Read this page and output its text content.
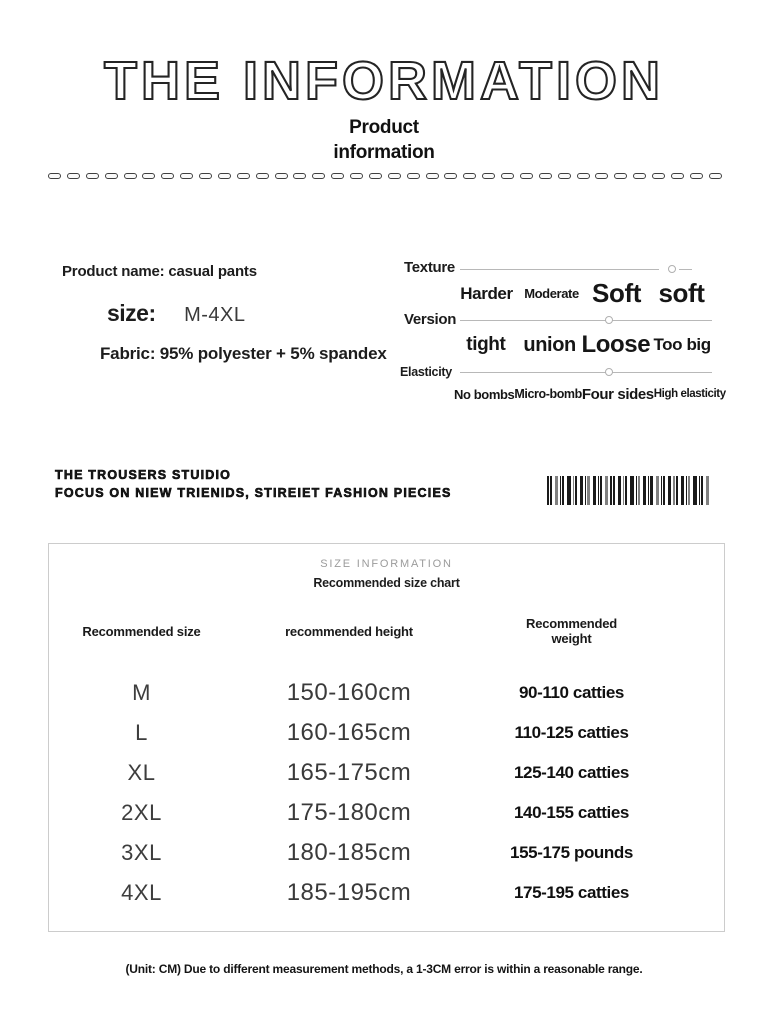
THE INFORMATION
Product
information
Product name: casual pants
size: M-4XL
Fabric: 95% polyester + 5% spandex
Texture
Harder Moderate Soft soft
Version
tight union Loose Too big
Elasticity
No bombs Micro-bomb Four sides High elasticity
THE TROUSERS STUIDIO
FOCUS ON NIEW TRIENIDS, STIREIET FASHION PIECIES
SIZE INFORMATION
Recommended size chart
Recommended size	recommended height	Recommended weight
M	150-160cm	90-110 catties
L	160-165cm	110-125 catties
XL	165-175cm	125-140 catties
2XL	175-180cm	140-155 catties
3XL	180-185cm	155-175 pounds
4XL	185-195cm	175-195 catties
(Unit: CM) Due to different measurement methods, a 1-3CM error is within a reasonable range.
